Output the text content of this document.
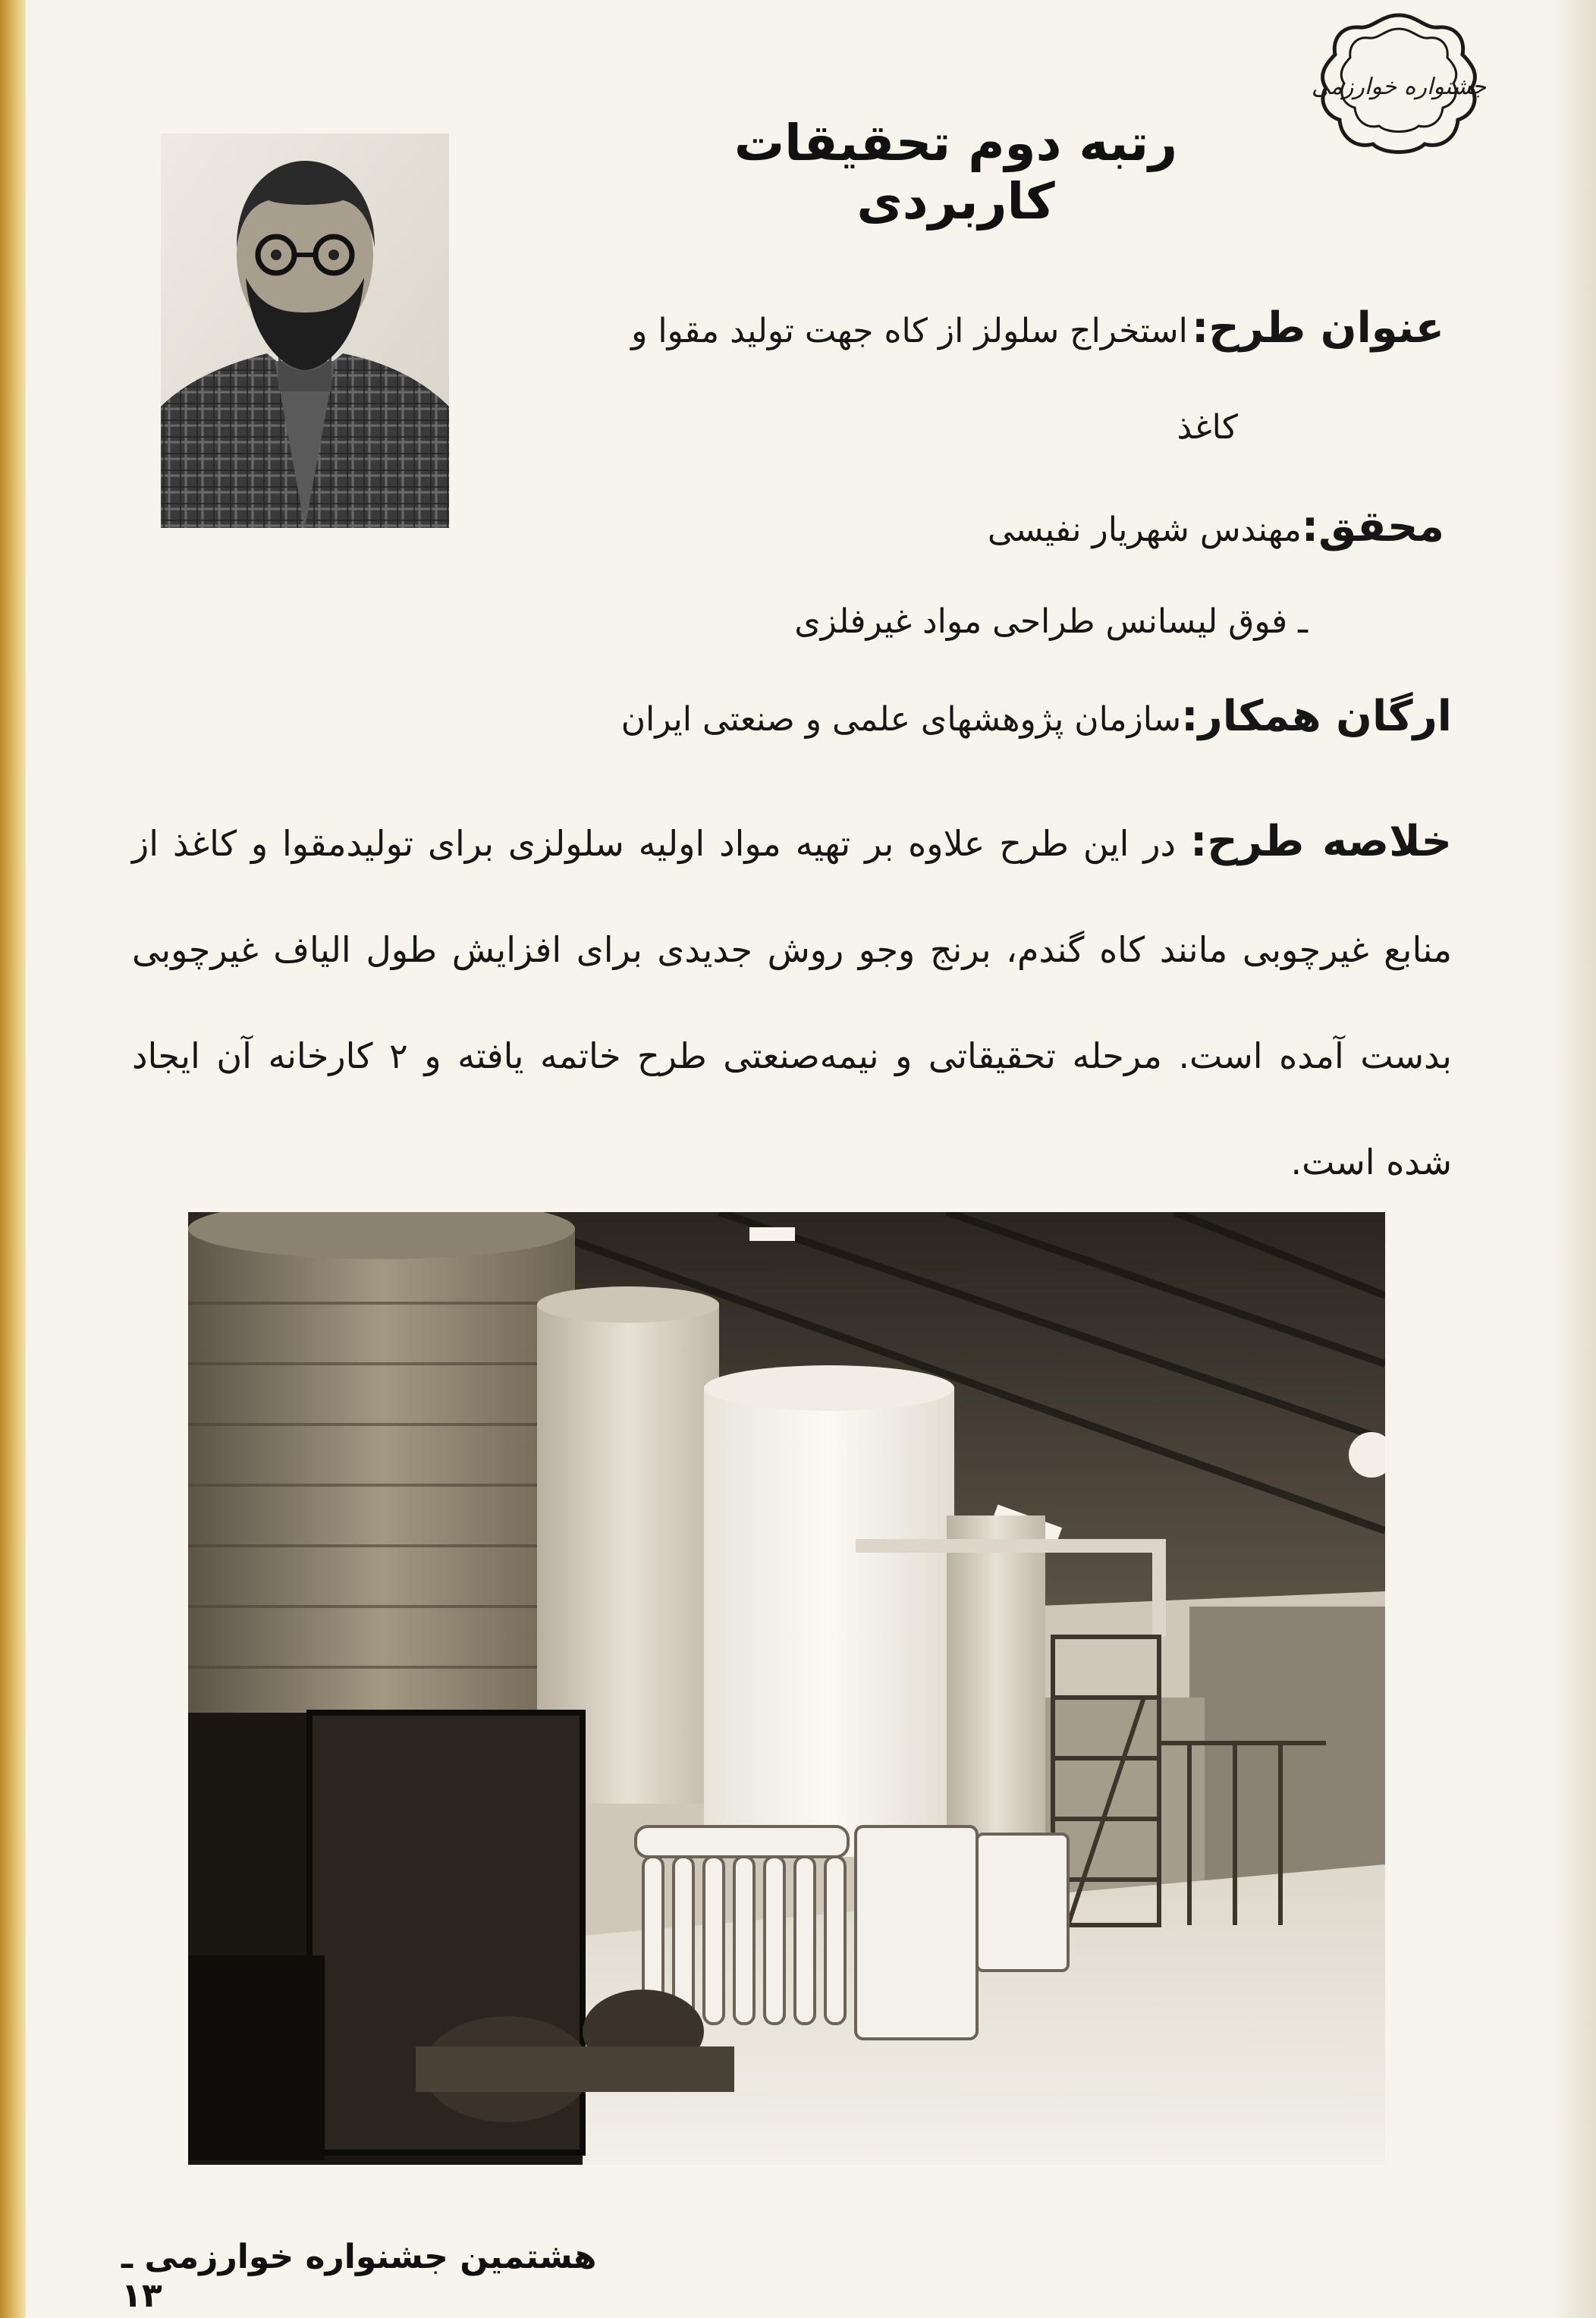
جشنواره خوارزمی
رتبه دوم تحقیقات کاربردی
عنوان طرح: استخراج سلولز از کاه جهت تولید مقوا و
کاغذ
محقق:مهندس شهریار نفیسی
ـ فوق لیسانس طراحی مواد غیرفلزی
ارگان همکار:سازمان پژوهشهای علمی و صنعتی ایران
خلاصه طرح: در این طرح علاوه بر تهیه مواد اولیه سلولزی برای تولیدمقوا و کاغذ از منابع غیرچوبی مانند کاه گندم، برنج وجو روش جدیدی برای افزایش طول الیاف غیرچوبی بدست آمده است. مرحله تحقیقاتی و نیمه‌صنعتی طرح خاتمه یافته و ۲ کارخانه آن ایجاد شده است.
هشتمین جشنواره خوارزمی ـ ۱۳
